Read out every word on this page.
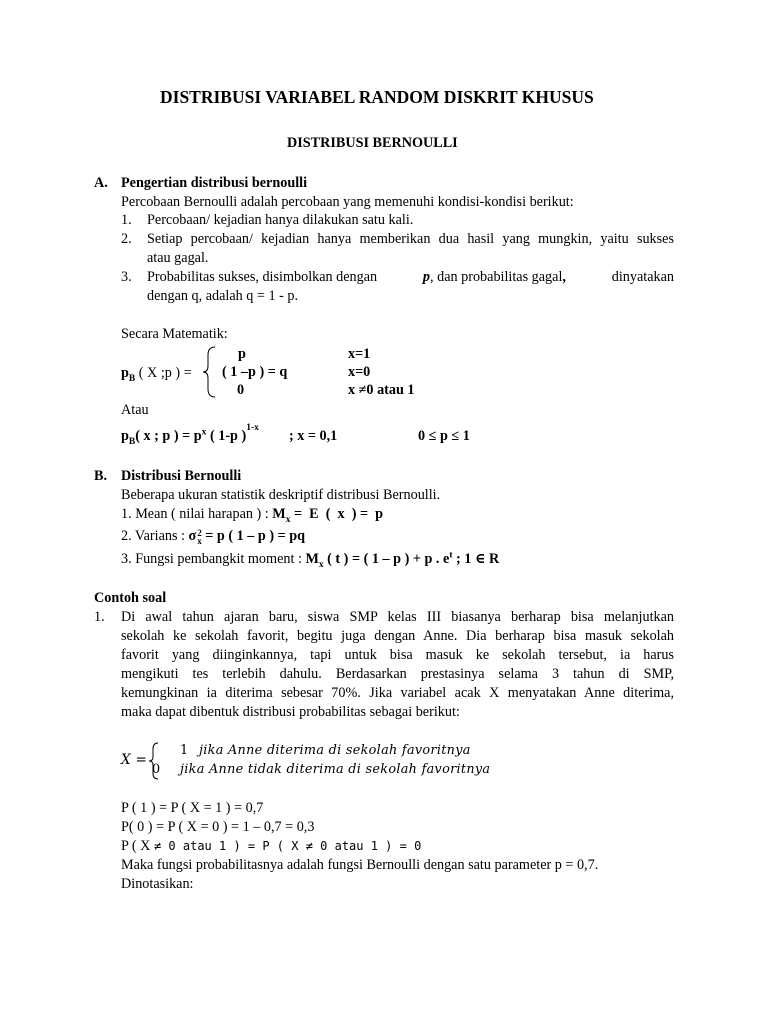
DISTRIBUSI VARIABEL RANDOM DISKRIT KHUSUS
DISTRIBUSI BERNOULLI
A. Pengertian distribusi bernoulli
Percobaan Bernoulli adalah percobaan yang memenuhi kondisi-kondisi berikut:
1. Percobaan/ kejadian hanya dilakukan satu kali.
2. Setiap percobaan/ kejadian hanya memberikan dua hasil yang mungkin, yaitu sukses
atau gagal.
3. Probabilitas sukses, disimbolkan dengan	p, dan probabilitas gagal,	dinyatakan
dengan q, adalah q = 1 - p.
Secara Matematik:
$p_B$ ( X ;p ) =
p	x=1
( 1 –p ) = q	x=0
0	x ≠0 atau 1
Atau
$p_B$( x ; p ) = $p^x$ ( 1-p )$^{1-x}$ ; x = 0,1	0 ≤ p ≤ 1
B. Distribusi Bernoulli
Beberapa ukuran statistik deskriptif distribusi Bernoulli.
1. Mean ( nilai harapan ) : $M_x = E$  (  x  ) =  p
2. Varians : σ 2
x = p ( 1 – p ) = pq
3. Fungsi pembangkit moment : $M_x$ ( t ) = ( 1 – p ) + p . $e^t$ ; 1 ∈ R
Contoh soal
1. Di awal tahun ajaran baru, siswa SMP kelas III biasanya berharap bisa melanjutkan
sekolah ke sekolah favorit, begitu juga dengan Anne. Dia berharap bisa masuk sekolah
favorit yang diinginkannya, tapi untuk bisa masuk ke sekolah tersebut, ia harus
mengikuti tes terlebih dahulu. Berdasarkan prestasinya selama 3 tahun di SMP,
kemungkinan ia diterima sebesar 70%. Jika variabel acak X menyatakan Anne diterima,
maka dapat dibentuk distribusi probabilitas sebagai berikut:
X =
1 jika Anne diterima di sekolah favoritnya
0 jika Anne tidak diterima di sekolah favoritnya
P ( 1 ) = P ( X = 1 ) = 0,7
P( 0 ) = P ( X = 0 ) = 1 – 0,7 = 0,3
P ( X ≠ 0 atau 1 ) = P ( X ≠ 0 atau 1 ) = 0
Maka fungsi probabilitasnya adalah fungsi Bernoulli dengan satu parameter p = 0,7.
Dinotasikan:
